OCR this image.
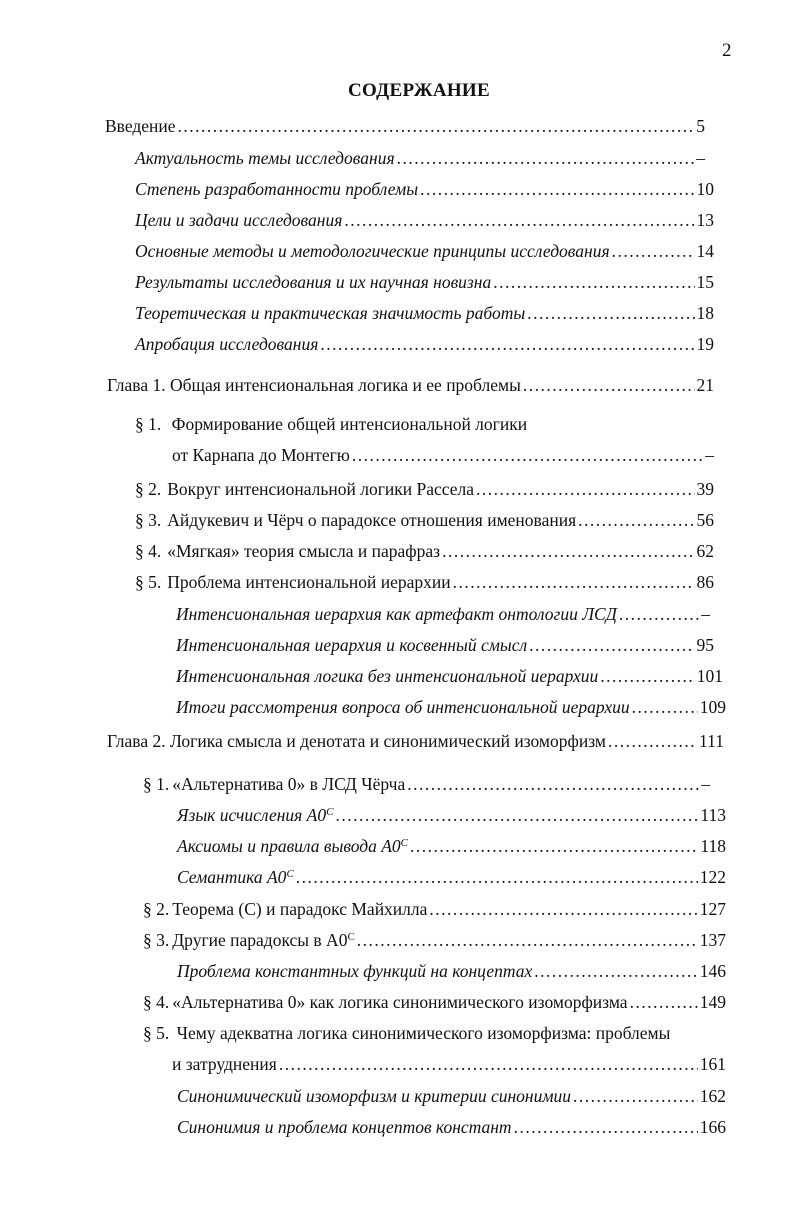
2
СОДЕРЖАНИЕ
Введение .....	5
Актуальность темы исследования .....	–
Степень разработанности проблемы .....	10
Цели и задачи исследования .....	13
Основные методы и методологические принципы исследования .....	14
Результаты исследования и их научная новизна .....	15
Теоретическая и практическая значимость работы .....	18
Апробация исследования .....	19
Глава 1. Общая интенсиональная логика и ее проблемы .....	21
§ 1. Формирование общей интенсиональной логики
от Карнапа до Монтегю .....	–
§ 2. Вокруг интенсиональной логики Рассела .....	39
§ 3. Айдукевич и Чёрч о парадоксе отношения именования .....	56
§ 4. «Мягкая» теория смысла и парафраз .....	62
§ 5. Проблема интенсиональной иерархии .....	86
Интенсиональная иерархия как артефакт онтологии ЛСД .....	–
Интенсиональная иерархия и косвенный смысл .....	95
Интенсиональная логика без интенсиональной иерархии .....	101
Итоги рассмотрения вопроса об интенсиональной иерархии .....	109
Глава 2. Логика смысла и денотата и синонимический изоморфизм .....	111
§ 1. «Альтернатива 0» в ЛСД Чёрча .....	–
Язык исчисления $A0^C$ .....	113
Аксиомы и правила вывода $A0^C$ .....	118
Семантика $A0^C$ .....	122
§ 2. Теорема (C) и парадокс Майхилла .....	127
§ 3. Другие парадоксы в $A0^C$ .....	137
Проблема константных функций на концептах .....	146
§ 4. «Альтернатива 0» как логика синонимического изоморфизма .....	149
§ 5. Чему адекватна логика синонимического изоморфизма: проблемы
и затруднения .....	161
Синонимический изоморфизм и критерии синонимии .....	162
Синонимия и проблема концептов констант .....	166
